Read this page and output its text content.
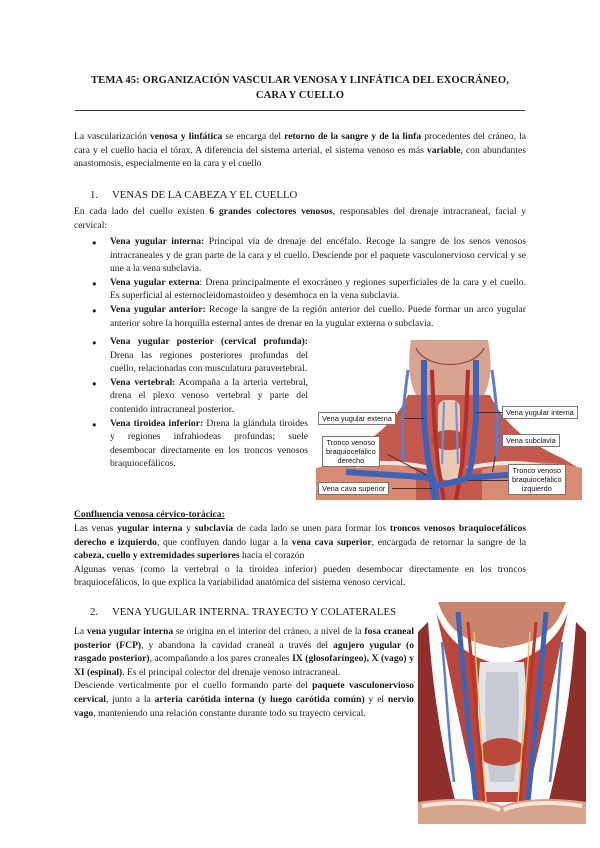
TEMA 45: ORGANIZACIÓN VASCULAR VENOSA Y LINFÁTICA DEL EXOCRÁNEO,
CARA Y CUELLO

La vascularización venosa y linfática se encarga del retorno de la sangre y de la linfa procedentes del cráneo, la cara y el cuello hacia el tórax. A diferencia del sistema arterial, el sistema venoso es más variable, con abundantes anastomosis, especialmente en la cara y el cuello

1. VENAS DE LA CABEZA Y EL CUELLO

En cada lado del cuello existen 6 grandes colectores venosos, responsables del drenaje intracraneal, facial y cervical:

● Vena yugular interna: Principal vía de drenaje del encéfalo. Recoge la sangre de los senos venosos intracraneales y de gran parte de la cara y el cuello. Desciende por el paquete vasculonervioso cervical y se une a la vena subclavia.
● Vena yugular externa: Drena principalmente el exocráneo y regiones superficiales de la cara y el cuello. Es superficial al esternocleidomastoideo y desemboca en la vena subclavia.
● Vena yugular anterior: Recoge la sangre de la región anterior del cuello. Puede formar un arco yugular anterior sobre la horquilla esternal antes de drenar en la yugular externa o subclavia.
● Vena yugular posterior (cervical profunda): Drena las regiones posteriores profundas del cuello, relacionadas con musculatura paravertebral.
● Vena vertebral: Acompaña a la arteria vertebral, drena el plexo venoso vertebral y parte del contenido intracraneal posterior.
● Vena tiroidea inferior: Drena la glándula tiroides y regiones infrahiodeas profundas; suele desembocar directamente en los troncos venosos braquiocefálicos.
Vena yugular externa
Vena yugular interna
Tronco venoso
braquiocefálico
derecho
Vena subclavia
Vena cava superior
Tronco venoso
braquiocefálico
izquierdo
Confluencia venosa cérvico-torácica:

Las venas yugular interna y subclavia de cada lado se unen para formar los troncos venosos braquiocefálicos derecho e izquierdo, que confluyen dando lugar a la vena cava superior, encargada de retornar la sangre de la cabeza, cuello y extremidades superiores hacia el corazón

Algunas venas (como la vertebral o la tiroidea inferior) pueden desembocar directamente en los troncos braquiocefálicos, lo que explica la variabilidad anatómica del sistema venoso cervical.

2. VENA YUGULAR INTERNA. TRAYECTO Y COLATERALES

La vena yugular interna se origina en el interior del cráneo, a nivel de la fosa craneal posterior (FCP), y abandona la cavidad craneal a través del agujero yugular (o rasgado posterior), acompañando a los pares craneales IX (glosofaríngeo), X (vago) y XI (espinal). Es el principal colector del drenaje venoso intracraneal.

Desciende verticalmente por el cuello formando parte del paquete vasculonervioso cervical, junto a la arteria carótida interna (y luego carótida común) y el nervio vago, manteniendo una relación constante durante todo su trayecto cervical.
